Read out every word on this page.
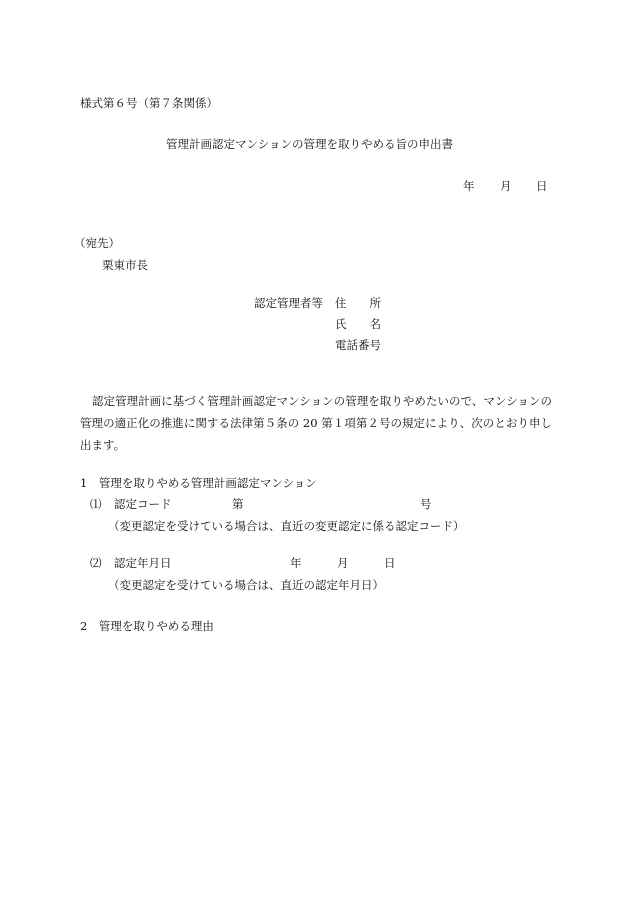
様式第６号（第７条関係）
管理計画認定マンションの管理を取りやめる旨の申出書
年 月 日
（宛先）
栗東市長
認定管理者等 住　　所
氏　　名
電話番号
認定管理計画に基づく管理計画認定マンションの管理を取りやめたいので、マンションの管理の適正化の推進に関する法律第５条の 20 第１項第２号の規定により、次のとおり申し出ます。
1　管理を取りやめる管理計画認定マンション
⑴ 認定コード	第	号
（変更認定を受けている場合は、直近の変更認定に係る認定コード）
⑵ 認定年月日	年	月	日
（変更認定を受けている場合は、直近の認定年月日）
2　管理を取りやめる理由
